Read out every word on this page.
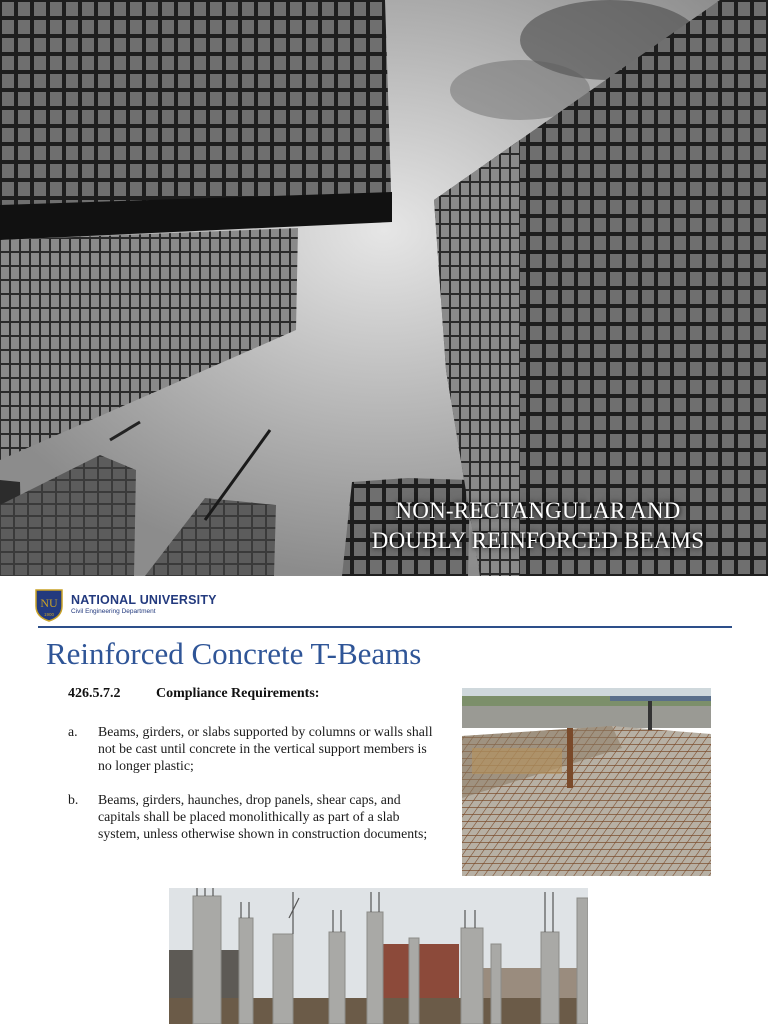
NON-RECTANGULAR AND
DOUBLY REINFORCED BEAMS
NU
1900
NATIONAL UNIVERSITY
Civil Engineering Department
Reinforced Concrete T-Beams
426.5.7.2	Compliance Requirements:
a. Beams, girders, or slabs supported by columns or walls shall not be cast until concrete in the vertical support members is no longer plastic;
b. Beams, girders, haunches, drop panels, shear caps, and capitals shall be placed monolithically as part of a slab system, unless otherwise shown in construction documents;
